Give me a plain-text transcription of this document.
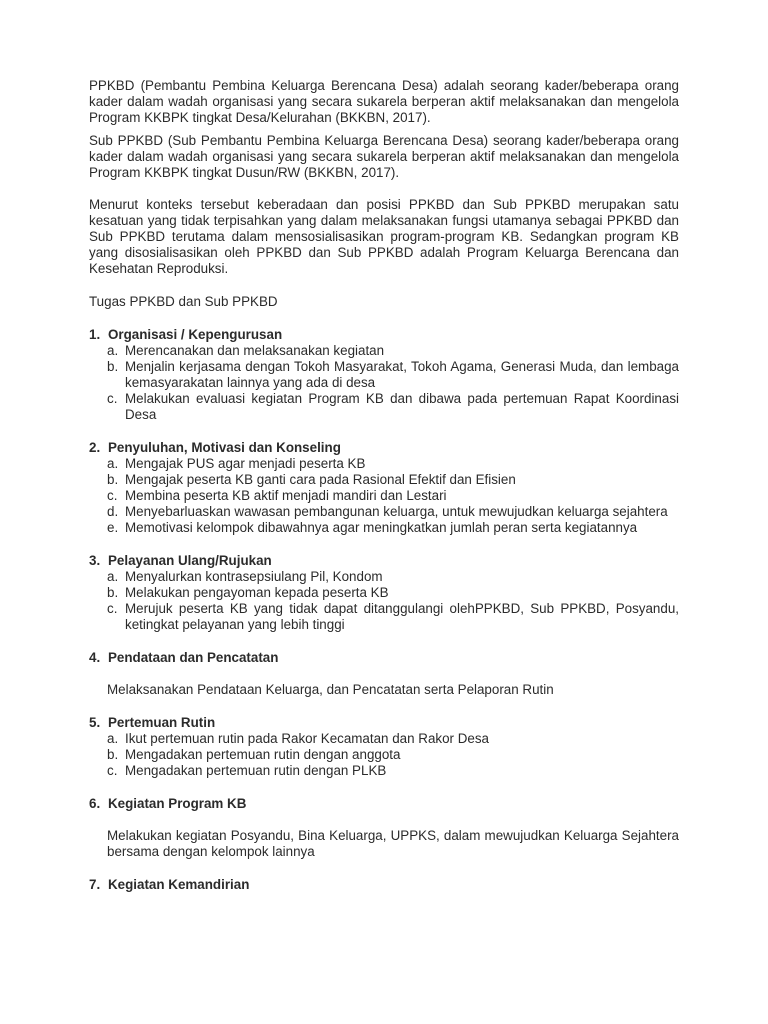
PPKBD (Pembantu Pembina Keluarga Berencana Desa) adalah seorang kader/beberapa orang kader dalam wadah organisasi yang secara sukarela berperan aktif melaksanakan dan mengelola Program KKBPK tingkat Desa/Kelurahan (BKKBN, 2017).

Sub PPKBD (Sub Pembantu Pembina Keluarga Berencana Desa) seorang kader/beberapa orang kader dalam wadah organisasi yang secara sukarela berperan aktif melaksanakan dan mengelola Program KKBPK tingkat Dusun/RW (BKKBN, 2017).

Menurut konteks tersebut keberadaan dan posisi PPKBD dan Sub PPKBD merupakan satu kesatuan yang tidak terpisahkan yang dalam melaksanakan fungsi utamanya sebagai PPKBD dan Sub PPKBD terutama dalam mensosialisasikan program-program KB. Sedangkan program KB yang disosialisasikan oleh PPKBD dan Sub PPKBD adalah Program Keluarga Berencana dan Kesehatan Reproduksi.

Tugas PPKBD dan Sub PPKBD

1. Organisasi / Kepengurusan
a. Merencanakan dan melaksanakan kegiatan
b. Menjalin kerjasama dengan Tokoh Masyarakat, Tokoh Agama, Generasi Muda, dan lembaga kemasyarakatan lainnya yang ada di desa
c. Melakukan evaluasi kegiatan Program KB dan dibawa pada pertemuan Rapat Koordinasi Desa
2. Penyuluhan, Motivasi dan Konseling
a. Mengajak PUS agar menjadi peserta KB
b. Mengajak peserta KB ganti cara pada Rasional Efektif dan Efisien
c. Membina peserta KB aktif menjadi mandiri dan Lestari
d. Menyebarluaskan wawasan pembangunan keluarga, untuk mewujudkan keluarga sejahtera
e. Memotivasi kelompok dibawahnya agar meningkatkan jumlah peran serta kegiatannya
3. Pelayanan Ulang/Rujukan
a. Menyalurkan kontrasepsiulang Pil, Kondom
b. Melakukan pengayoman kepada peserta KB
c. Merujuk peserta KB yang tidak dapat ditanggulangi olehPPKBD, Sub PPKBD, Posyandu, ketingkat pelayanan yang lebih tinggi
4. Pendataan dan Pencatatan

Melaksanakan Pendataan Keluarga, dan Pencatatan serta Pelaporan Rutin

5. Pertemuan Rutin
a. Ikut pertemuan rutin pada Rakor Kecamatan dan Rakor Desa
b. Mengadakan pertemuan rutin dengan anggota
c. Mengadakan pertemuan rutin dengan PLKB
6. Kegiatan Program KB

Melakukan kegiatan Posyandu, Bina Keluarga, UPPKS, dalam mewujudkan Keluarga Sejahtera bersama dengan kelompok lainnya

7. Kegiatan Kemandirian
